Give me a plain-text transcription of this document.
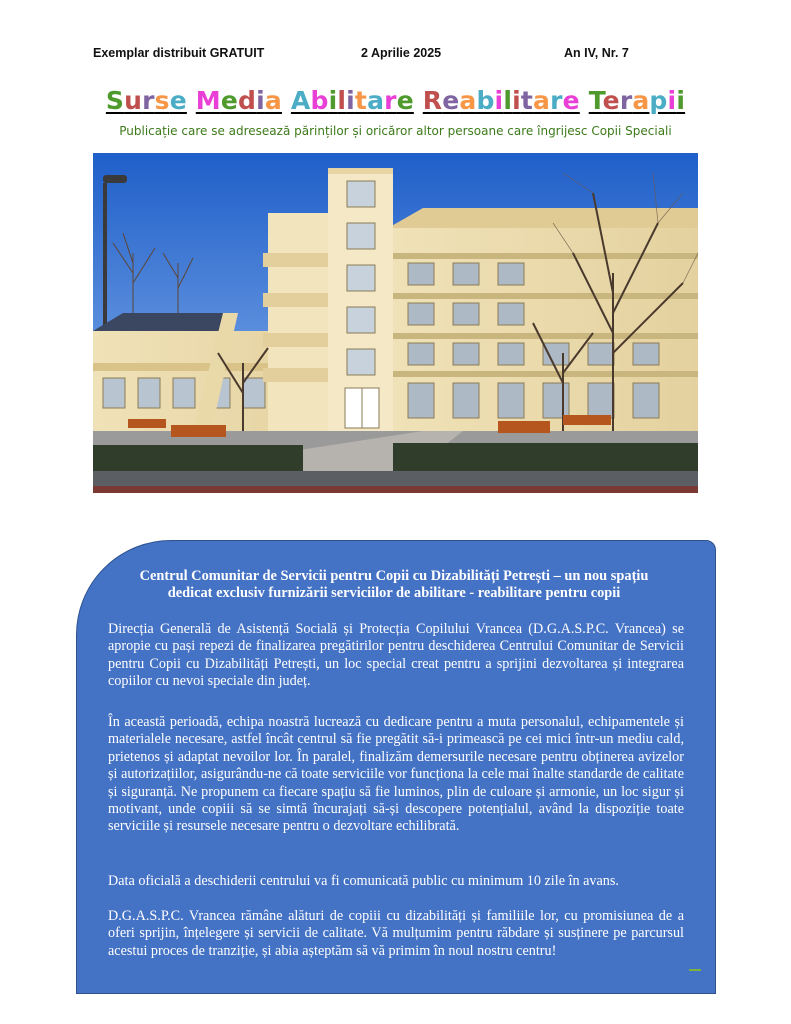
Exemplar distribuit GRATUIT	2 Aprilie 2025	An IV, Nr. 7
Surse Media Abilitare Reabilitare Terapii
Publicație care se adresează părinților și oricăror altor persoane care îngrijesc Copii Speciali
Centrul Comunitar de Servicii pentru Copii cu Dizabilități Petrești – un nou spațiu
dedicat exclusiv furnizării serviciilor de abilitare - reabilitare pentru copii
Direcția Generală de Asistență Socială și Protecția Copilului Vrancea (D.G.A.S.P.C. Vrancea) se apropie cu pași repezi de finalizarea pregătirilor pentru deschiderea Centrului Comunitar de Servicii pentru Copii cu Dizabilități Petrești, un loc special creat pentru a sprijini dezvoltarea și integrarea copiilor cu nevoi speciale din județ.
În această perioadă, echipa noastră lucrează cu dedicare pentru a muta personalul, echipamentele și materialele necesare, astfel încât centrul să fie pregătit să-i primească pe cei mici într-un mediu cald, prietenos și adaptat nevoilor lor. În paralel, finalizăm demersurile necesare pentru obținerea avizelor și autorizațiilor, asigurându-ne că toate serviciile vor funcționa la cele mai înalte standarde de calitate și siguranță. Ne propunem ca fiecare spațiu să fie luminos, plin de culoare și armonie, un loc sigur și motivant, unde copiii să se simtă încurajați să-și descopere potențialul, având la dispoziție toate serviciile și resursele necesare pentru o dezvoltare echilibrată.
Data oficială a deschiderii centrului va fi comunicată public cu minimum 10 zile în avans.
D.G.A.S.P.C. Vrancea rămâne alături de copiii cu dizabilități și familiile lor, cu promisiunea de a oferi sprijin, înțelegere și servicii de calitate. Vă mulțumim pentru răbdare și susținere pe parcursul acestui proces de tranziție, și abia așteptăm să vă primim în noul nostru centru!
